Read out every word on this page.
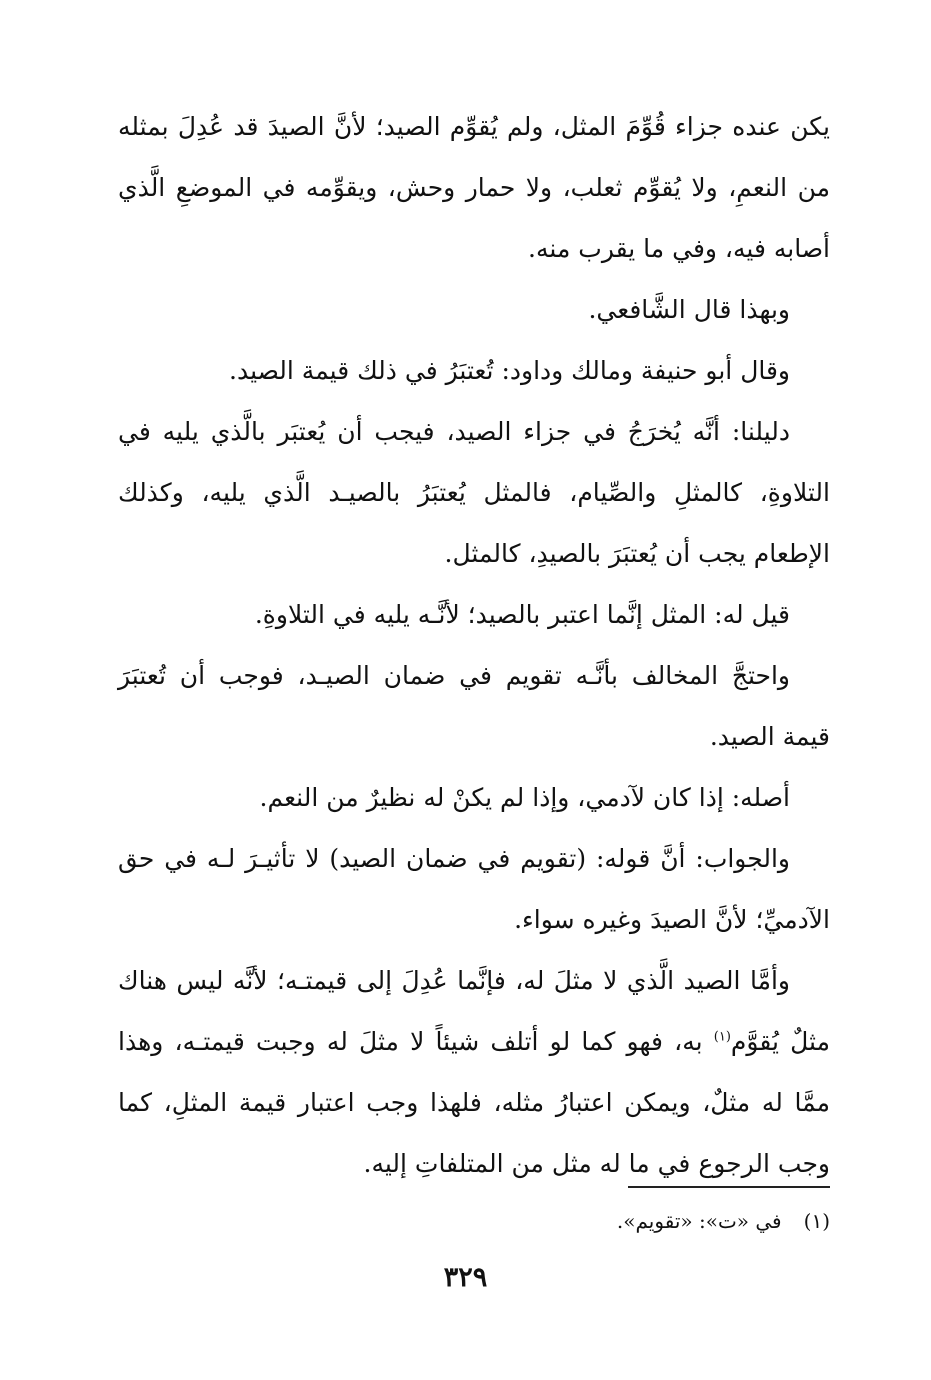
يكن عنده جزاء قُوِّمَ المثل، ولم يُقوِّم الصيد؛ لأنَّ الصيدَ قد عُدِلَ بمثله من النعمِ، ولا يُقوِّم ثعلب، ولا حمار وحش، ويقوِّمه في الموضعِ الَّذي أصابه فيه، وفي ما يقرب منه.

وبهذا قال الشَّافعي.

وقال أبو حنيفة ومالك وداود: تُعتبَرُ في ذلك قيمة الصيد.

دليلنا: أنَّه يُخرَجُ في جزاء الصيد، فيجب أن يُعتبَر بالَّذي يليه في التلاوةِ، كالمثلِ والصِّيام، فالمثل يُعتبَرُ بالصيـد الَّذي يليه، وكذلك الإطعام يجب أن يُعتبَرَ بالصيدِ، كالمثل.

قيل له: المثل إنَّما اعتبر بالصيد؛ لأنَّـه يليه في التلاوةِ.

واحتجَّ المخالف بأنَّـه تقويم في ضمان الصيـد، فوجب أن تُعتبَرَ قيمة الصيد.

أصله: إذا كان لآدمي، وإذا لم يكنْ له نظيرٌ من النعم.

والجواب: أنَّ قوله: (تقويم في ضمان الصيد) لا تأثيـرَ لـه في حق الآدميِّ؛ لأنَّ الصيدَ وغيره سواء.

وأمَّا الصيد الَّذي لا مثلَ له، فإنَّما عُدِلَ إلى قيمتـه؛ لأنَّه ليس هناك مثلٌ يُقوَّم$^{(١)}$ به، فهو كما لو أتلف شيئاً لا مثلَ له وجبت قيمتـه، وهذا ممَّا له مثلٌ، ويمكن اعتبارُ مثله، فلهذا وجب اعتبار قيمة المثلِ، كما وجب الرجوع في ما له مثل من المتلفاتِ إليه.

(١)في «ت»: «تقويم».
٣٢٩
